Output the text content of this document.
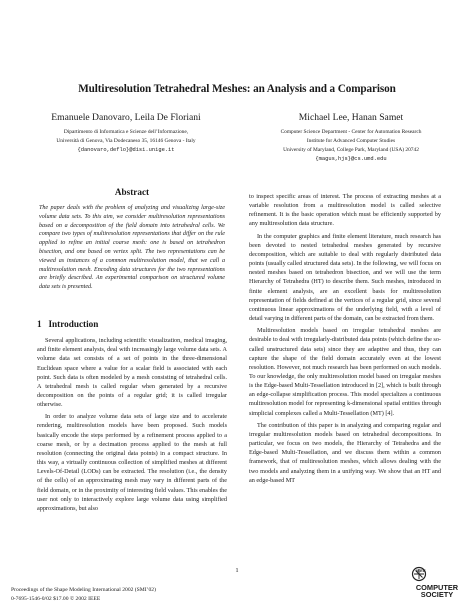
Multiresolution Tetrahedral Meshes: an Analysis and a Comparison
Emanuele Danovaro, Leila De Floriani
Dipartimento di Informatica e Scienze dell’Informazione,
Università di Genova, Via Dodecaneso 35, 16146 Genova - Italy
{danovaro,deflo}@disi.unige.it
Michael Lee, Hanan Samet
Computer Science Department - Center for Automation Research
Institute for Advanced Computer Studies
University of Maryland, College Park, Maryland (USA) 20742
{magus,hjs}@cs.umd.edu
Abstract

The paper deals with the problem of analyzing and visualizing large-size volume data sets. To this aim, we consider multiresolution representations based on a decomposition of the field domain into tetrahedral cells. We compare two types of multiresolution representations that differ on the rule applied to refine an initial coarse mesh: one is based on tetrahedron bisection, and one based on vertex split. The two representations can be viewed as instances of a common multiresolution model, that we call a multiresolution mesh. Encoding data structures for the two representations are briefly described. An experimental comparison on structured volume data sets is presented.

1   Introduction

Several applications, including scientific visualization, medical imaging, and finite element analysis, deal with increasingly large volume data sets. A volume data set consists of a set of points in the three-dimensional Euclidean space where a value for a scalar field is associated with each point. Such data is often modeled by a mesh consisting of tetrahedral cells. A tetrahedral mesh is called regular when generated by a recursive decomposition on the points of a regular grid; it is called irregular otherwise.

In order to analyze volume data sets of large size and to accelerate rendering, multiresolution models have been proposed. Such models basically encode the steps performed by a refinement process applied to a coarse mesh, or by a decimation process applied to the mesh at full resolution (connecting the original data points) in a compact structure. In this way, a virtually continuous collection of simplified meshes at different Levels-Of-Detail (LODs) can be extracted. The resolution (i.e., the density of the cells) of an approximating mesh may vary in different parts of the field domain, or in the proximity of interesting field values. This enables the user not only to interactively explore large volume data using simplified approximations, but also

to inspect specific areas of interest. The process of extracting meshes at a variable resolution from a multiresolution model is called selective refinement. It is the basic operation which must be efficiently supported by any multiresolution data structure.

In the computer graphics and finite element literature, much research has been devoted to nested tetrahedral meshes generated by recursive decomposition, which are suitable to deal with regularly distributed data points (usually called structured data sets). In the following, we will focus on nested meshes based on tetrahedron bisection, and we will use the term Hierarchy of Tetrahedra (HT) to describe them. Such meshes, introduced in finite element analysis, are an excellent basis for multiresolution representation of fields defined at the vertices of a regular grid, since several continuous linear approximations of the underlying field, with a level of detail varying in different parts of the domain, can be extracted from them.

Multiresolution models based on irregular tetrahedral meshes are desirable to deal with irregularly-distributed data points (which define the so-called unstructured data sets) since they are adaptive and thus, they can capture the shape of the field domain accurately even at the lowest resolution. However, not much research has been performed on such models. To our knowledge, the only multiresolution model based on irregular meshes is the Edge-based Multi-Tessellation introduced in [2], which is built through an edge-collapse simplification process. This model specializes a continuous multiresolution model for representing k-dimensional spatial entities through simplicial complexes called a Multi-Tessellation (MT) [4].

The contribution of this paper is in analyzing and comparing regular and irregular multiresolution models based on tetrahedral decompositions. In particular, we focus on two models, the Hierarchy of Tetrahedra and the Edge-based Multi-Tessellation, and we discuss them within a common framework, that of multiresolution meshes, which allows dealing with the two models and analyzing them in a unifying way. We show that an HT and an edge-based MT

1
Proceedings of the Shape Modeling International 2002 (SMI’02)
0-7695-1546-0/02 $17.00 © 2002 IEEE
IEEE
COMPUTER
SOCIETY
